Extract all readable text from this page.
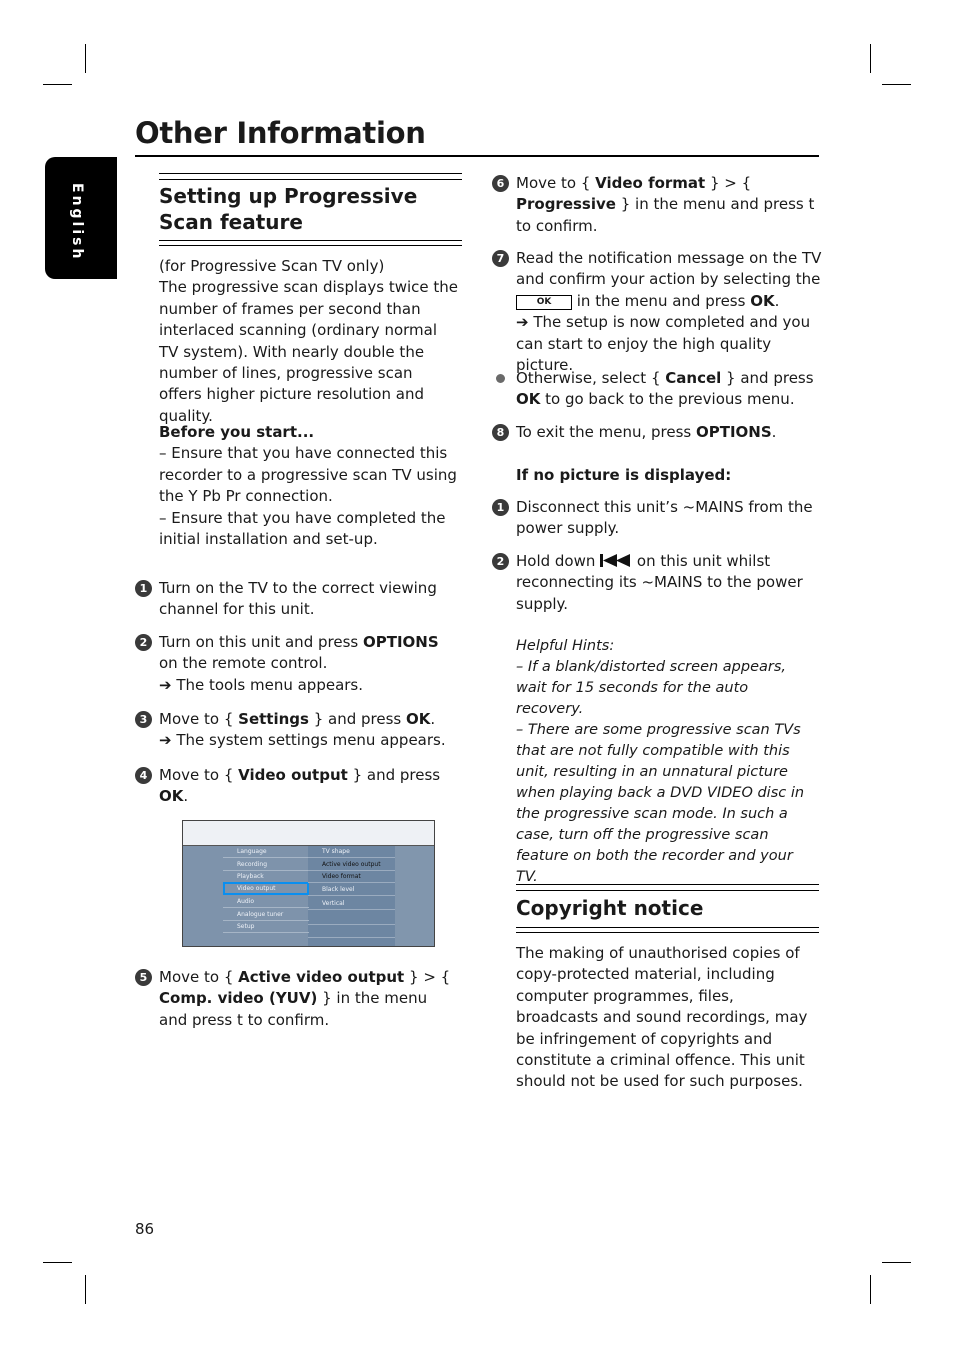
English
Other Information
Setting up Progressive Scan feature

(for Progressive Scan TV only)

The progressive scan displays twice the number of frames per second than interlaced scanning (ordinary normal TV system). With nearly double the number of lines, progressive scan offers higher picture resolution and quality.

Before you start...

– Ensure that you have connected this recorder to a progressive scan TV using the Y Pb Pr connection.

– Ensure that you have completed the initial installation and set-up.

1 Turn on the TV to the correct viewing channel for this unit.

2 Turn on this unit and press OPTIONS on the remote control.

➔ The tools menu appears.

3 Move to { Settings } and press OK.

➔ The system settings menu appears.

4 Move to { Video output } and press OK.

Language
Recording
Playback
Video output
Audio
Analogue tuner
Setup
TV shape
Active video output
Video format
Black level
Vertical
5 Move to { Active video output } > { Comp. video (YUV) } in the menu and press t to confirm.

6 Move to { Video format } > { Progressive } in the menu and press t to confirm.

7 Read the notification message on the TV and confirm your action by selecting the OK in the menu and press OK.

➔ The setup is now completed and you can start to enjoy the high quality picture.

Otherwise, select { Cancel } and press OK to go back to the previous menu.

8 To exit the menu, press OPTIONS.

If no picture is displayed:
1 Disconnect this unit’s ~MAINS from the power supply.

2 Hold down  on this unit whilst reconnecting its ~MAINS to the power supply.

Helpful Hints:

– If a blank/distorted screen appears, wait for 15 seconds for the auto recovery.

– There are some progressive scan TVs that are not fully compatible with this unit, resulting in an unnatural picture when playing back a DVD VIDEO disc in the progressive scan mode. In such a case, turn off the progressive scan feature on both the recorder and your TV.

Copyright notice
The making of unauthorised copies of copy-protected material, including computer programmes, files, broadcasts and sound recordings, may be infringement of copyrights and constitute a criminal offence. This unit should not be used for such purposes.
86
